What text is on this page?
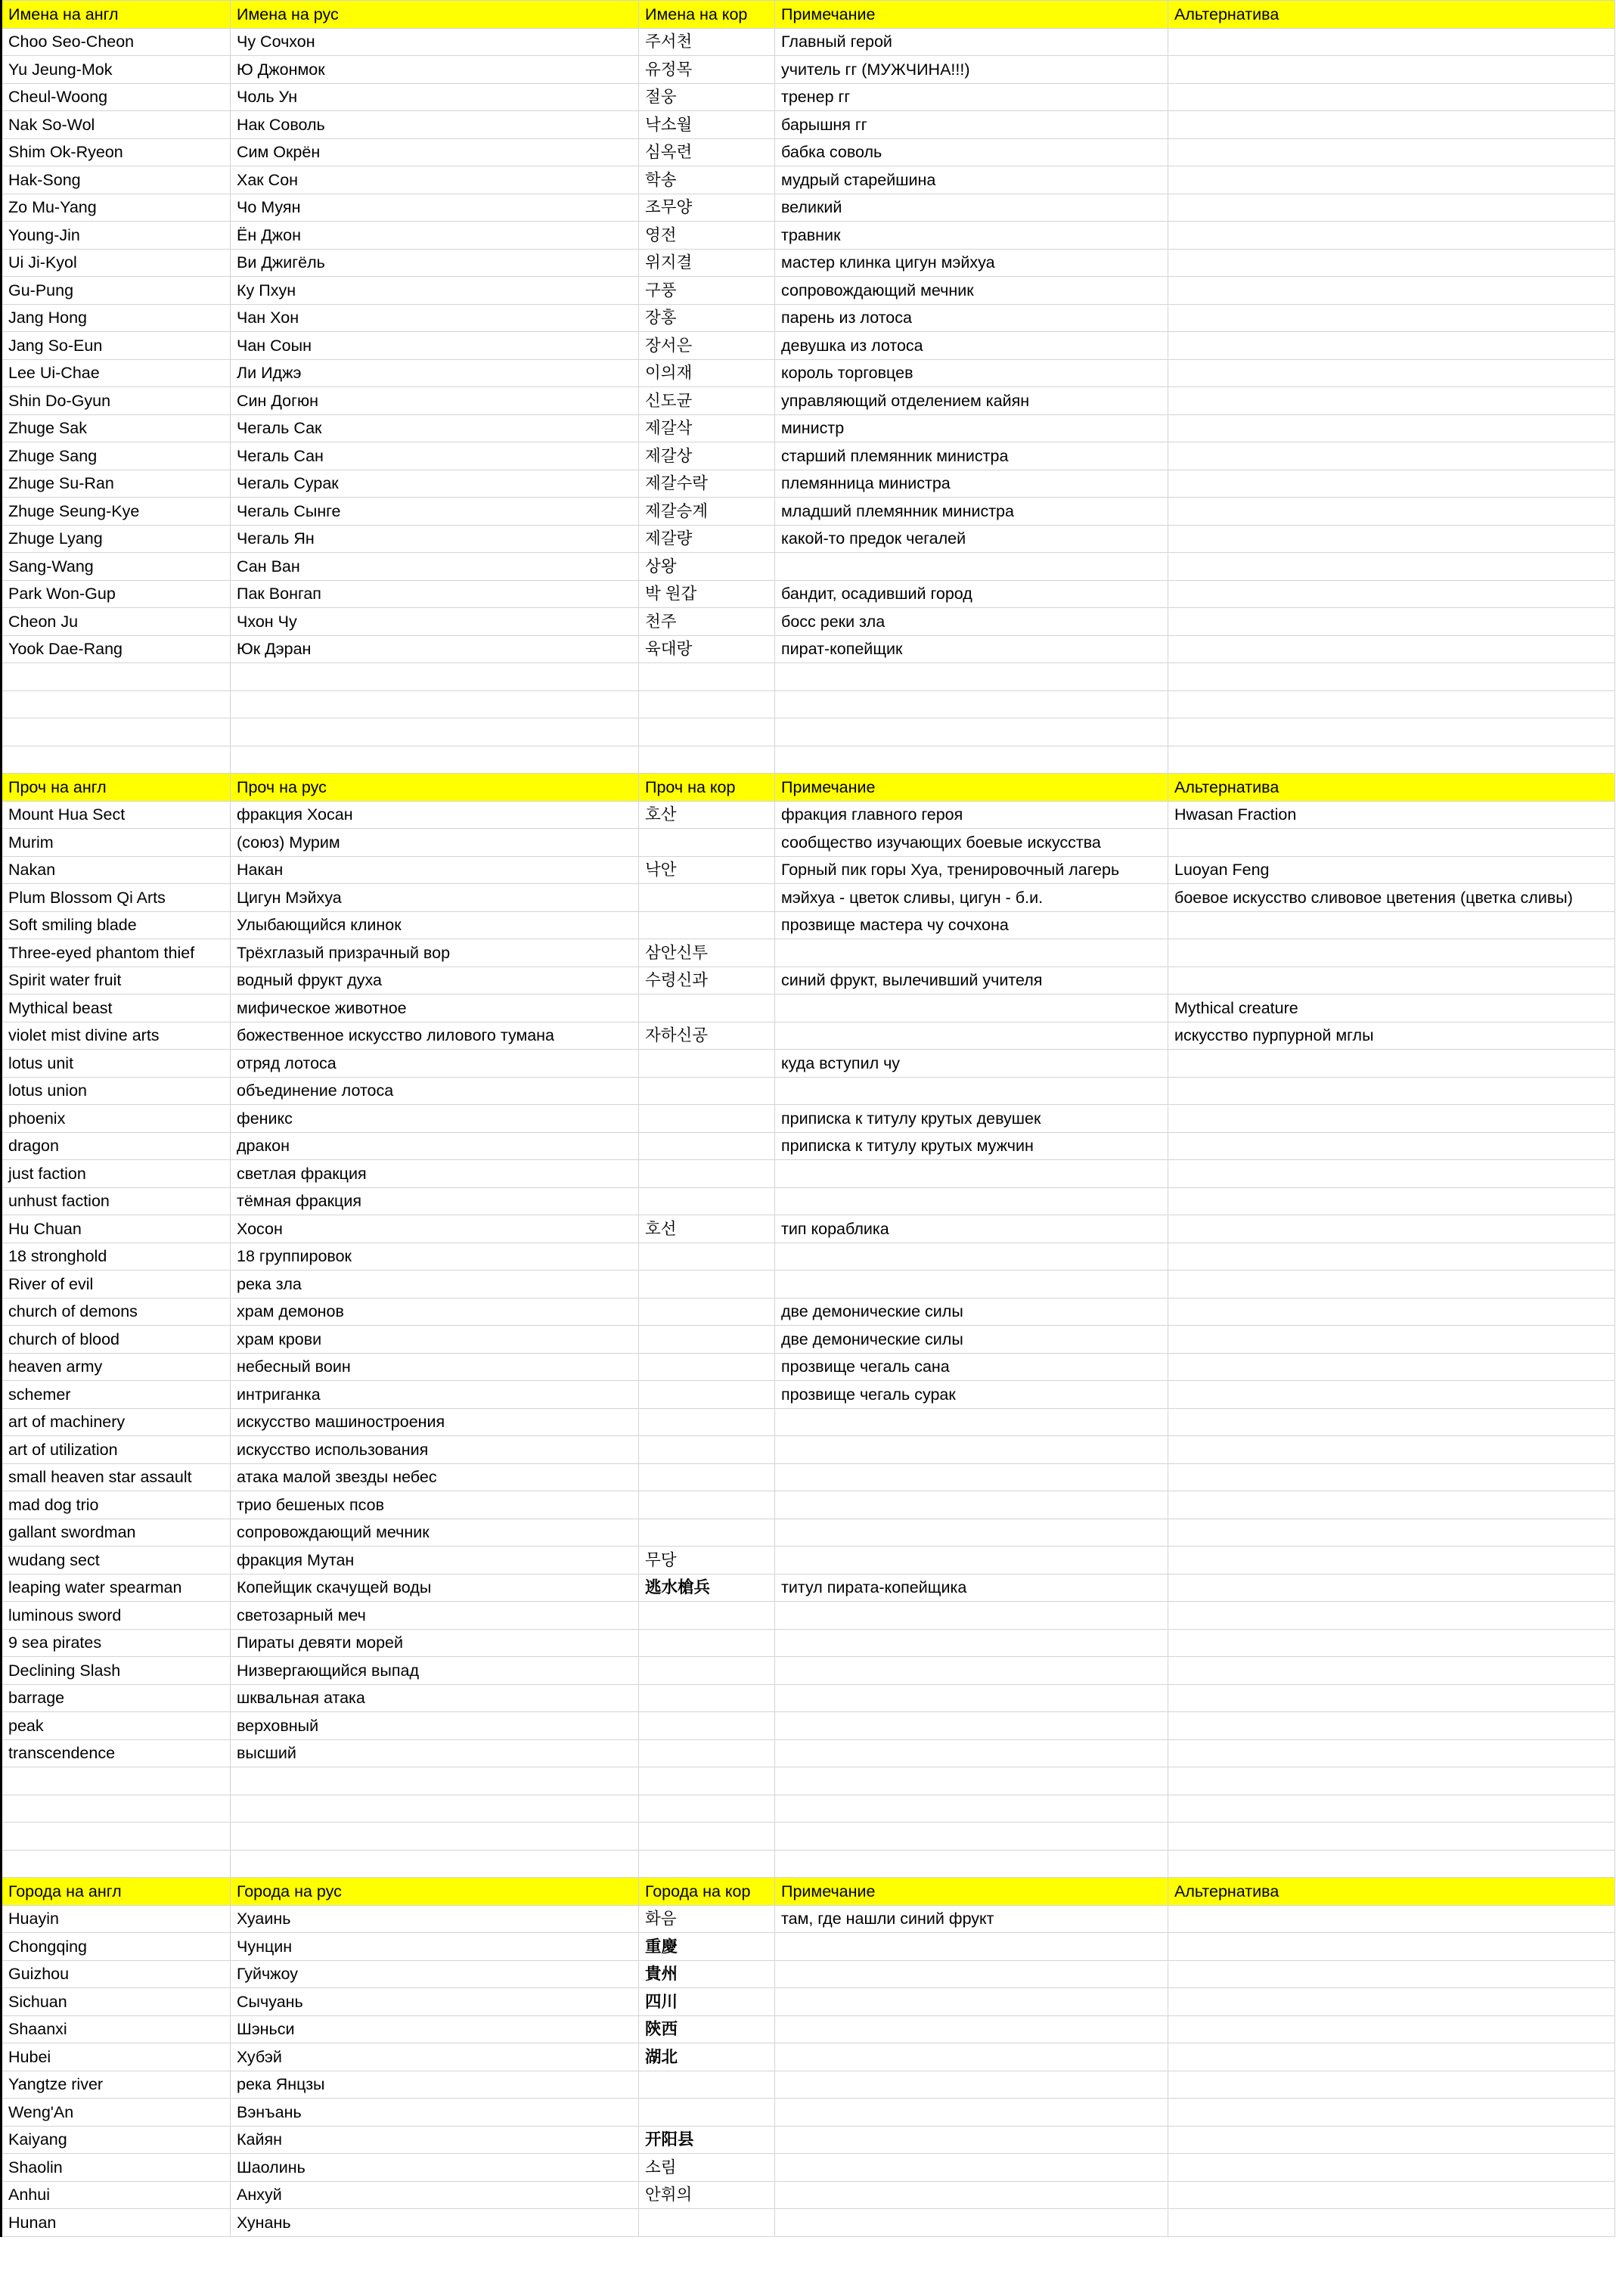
Имена на англ	Имена на рус	Имена на кор	Примечание	Альтернатива
Choo Seo-Cheon	Чу Сочхон	주서천	Главный герой	
Yu Jeung-Mok	Ю Джонмок	유정목	учитель гг (МУЖЧИНА!!!)	
Cheul-Woong	Чоль Ун	절웅	тренер гг	
Nak So-Wol	Нак Соволь	낙소월	барышня гг	
Shim Ok-Ryeon	Сим Окрён	심옥련	бабка соволь	
Hak-Song	Хак Сон	학송	мудрый старейшина	
Zo Mu-Yang	Чо Муян	조무양	великий	
Young-Jin	Ён Джон	영전	травник	
Ui Ji-Kyol	Ви Джигёль	위지결	мастер клинка цигун мэйхуа	
Gu-Pung	Ку Пхун	구풍	сопровождающий мечник	
Jang Hong	Чан Хон	장홍	парень из лотоса	
Jang So-Eun	Чан Соын	장서은	девушка из лотоса	
Lee Ui-Chae	Ли Иджэ	이의재	король торговцев	
Shin Do-Gyun	Син Догюн	신도균	управляющий отделением кайян	
Zhuge Sak	Чегаль Сак	제갈삭	министр	
Zhuge Sang	Чегаль Сан	제갈상	старший племянник министра	
Zhuge Su-Ran	Чегаль Сурак	제갈수락	племянница министра	
Zhuge Seung-Kye	Чегаль Сынге	제갈승계	младший племянник министра	
Zhuge Lyang	Чегаль Ян	제갈량	какой-то предок чегалей	
Sang-Wang	Сан Ван	상왕		
Park Won-Gup	Пак Вонгап	박 원갑	бандит, осадивший город	
Cheon Ju	Чхон Чу	천주	босс реки зла	
Yook Dae-Rang	Юк Дэран	육대랑	пират-копейщик	

Проч на англ	Проч на рус	Проч на кор	Примечание	Альтернатива
Mount Hua Sect	фракция Хосан	호산	фракция главного героя	Hwasan Fraction
Murim	(союз) Мурим		сообщество изучающих боевые искусства	
Nakan	Накан	낙안	Горный пик горы Хуа, тренировочный лагерь	Luoyan Feng
Plum Blossom Qi Arts	Цигун Мэйхуа		мэйхуа - цветок сливы, цигун - б.и.	боевое искусство сливовое цветения (цветка сливы)
Soft smiling blade	Улыбающийся клинок		прозвище мастера чу сочхона	
Three-eyed phantom thief	Трёхглазый призрачный вор	삼안신투		
Spirit water fruit	водный фрукт духа	수령신과	синий фрукт, вылечивший учителя	
Mythical beast	мифическое животное			Mythical creature
violet mist divine arts	божественное искусство лилового тумана	자하신공		искусство пурпурной мглы
lotus unit	отряд лотоса		куда вступил чу	
lotus union	объединение лотоса			
phoenix	феникс		приписка к титулу крутых девушек	
dragon	дракон		приписка к титулу крутых мужчин	
just faction	светлая фракция			
unhust faction	тёмная фракция			
Hu Chuan	Хосон	호선	тип кораблика	
18 stronghold	18 группировок			
River of evil	река зла			
church of demons	храм демонов		две демонические силы	
church of blood	храм крови		две демонические силы	
heaven army	небесный воин		прозвище чегаль сана	
schemer	интриганка		прозвище чегаль сурак	
art of machinery	искусство машиностроения			
art of utilization	искусство использования			
small heaven star assault	атака малой звезды небес			
mad dog trio	трио бешеных псов			
gallant swordman	сопровождающий мечник			
wudang sect	фракция Мутан	무당		
leaping water spearman	Копейщик скачущей воды	逃水槍兵	титул пирата-копейщика	
luminous sword	светозарный меч			
9 sea pirates	Пираты девяти морей			
Declining Slash	Низвергающийся выпад			
barrage	шквальная атака			
peak	верховный			
transcendence	высший			

Города на англ	Города на рус	Города на кор	Примечание	Альтернатива
Huayin	Хуаинь	화음	там, где нашли синий фрукт	
Chongqing	Чунцин	重慶		
Guizhou	Гуйчжоу	貴州		
Sichuan	Сычуань	四川		
Shaanxi	Шэньси	陝西		
Hubei	Хубэй	湖北		
Yangtze river	река Янцзы			
Weng'An	Вэнъань			
Kaiyang	Кайян	开阳县		
Shaolin	Шаолинь	소림		
Anhui	Анхуй	안휘의		
Hunan	Хунань			
